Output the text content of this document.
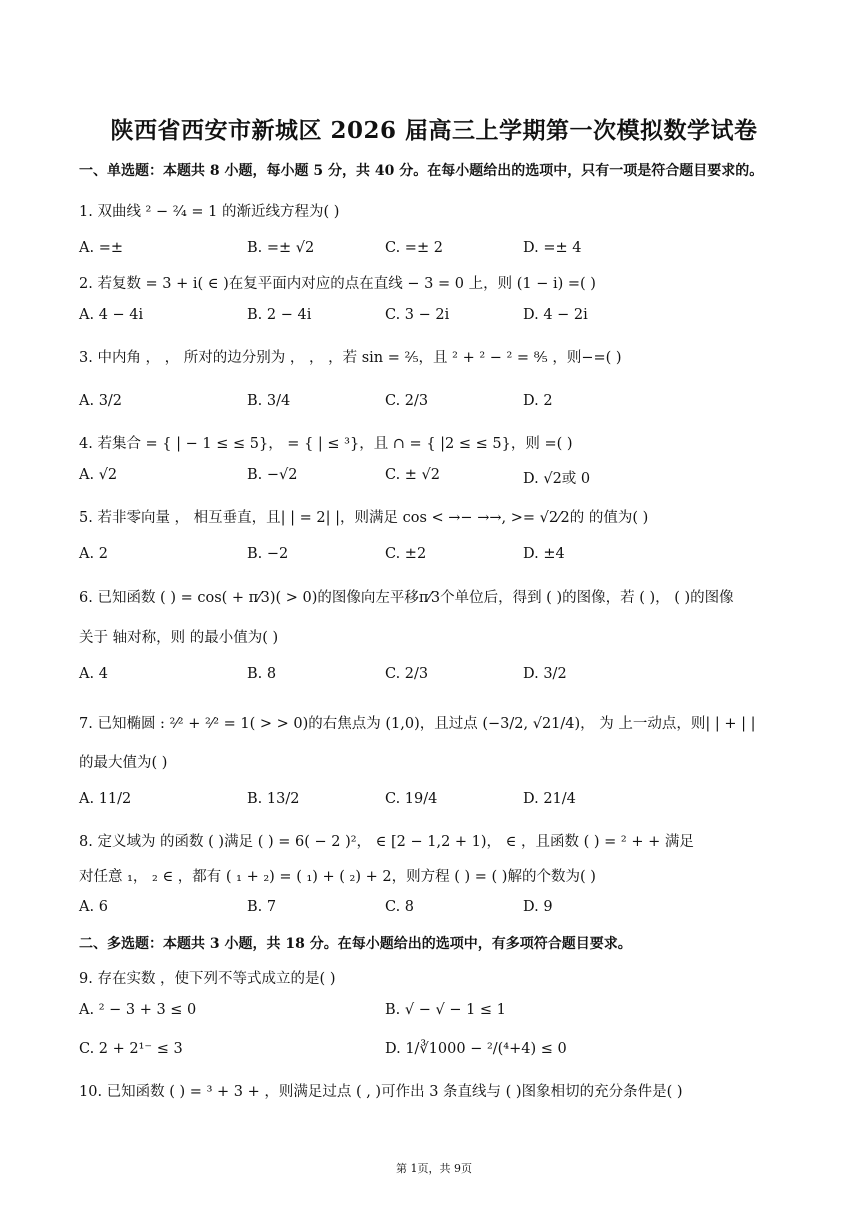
陕西省西安市新城区 2026 届高三上学期第一次模拟数学试卷
一、单选题：本题共 8 小题，每小题 5 分，共 40 分。在每小题给出的选项中，只有一项是符合题目要求的。
1. 双曲线 ² − ²⁄₄ = 1 的渐近线方程为( )
A. =±	B. =± √2	C. =± 2	D. =± 4
2. 若复数 = 3 + i( ∈ )在复平面内对应的点在直线 − 3 = 0 上，则 (1 − i) =( )
A. 4 − 4i	B. 2 − 4i	C. 3 − 2i	D. 4 − 2i
3. 中内角 ， ， 所对的边分别为 ， ， ，若 sin = ²⁄₅，且 ² + ² − ² = ⁸⁄₅ ，则−=( )
A. 3/2	B. 3/4	C. 2/3	D. 2
4. 若集合 = { | − 1 ≤ ≤ 5}， = { | ≤ ³}，且 ∩ = { |2 ≤ ≤ 5}，则 =( )
A. √2	B. −√2	C. ± √2	D. √2或 0
5. 若非零向量 ， 相互垂直，且| | = 2| |，则满足 cos < →− →→, >= √2⁄2的 的值为( )
A. 2	B. −2	C. ±2	D. ±4
6. 已知函数 ( ) = cos( + π⁄3)( > 0)的图像向左平移π⁄3个单位后，得到 ( )的图像，若 ( )， ( )的图像
关于 轴对称，则 的最小值为( )
A. 4	B. 8	C. 2/3	D. 3/2
7. 已知椭圆 : ²⁄² + ²⁄² = 1( > > 0)的右焦点为 (1,0)，且过点 (−3/2, √21/4)， 为 上一动点，则| | + | |
的最大值为( )
A. 11/2	B. 13/2	C. 19/4	D. 21/4
8. 定义域为 的函数 ( )满足 ( ) = 6( − 2 )²， ∈ [2 − 1,2 + 1)， ∈ ，且函数 ( ) = ² + + 满足
对任意 ₁， ₂ ∈ ，都有 ( ₁ + ₂) = ( ₁) + ( ₂) + 2，则方程 ( ) = ( )解的个数为( )
A. 6	B. 7	C. 8	D. 9
二、多选题：本题共 3 小题，共 18 分。在每小题给出的选项中，有多项符合题目要求。
9. 存在实数 ，使下列不等式成立的是( )
A. ² − 3 + 3 ≤ 0	B. √ − √ − 1 ≤ 1
C. 2 + 2¹⁻ ≤ 3	D. 1/∛1000 − ²/(⁴+4) ≤ 0
10. 已知函数 ( ) = ³ + 3 + ，则满足过点 ( , )可作出 3 条直线与 ( )图象相切的充分条件是( )
第 1页，共 9页
